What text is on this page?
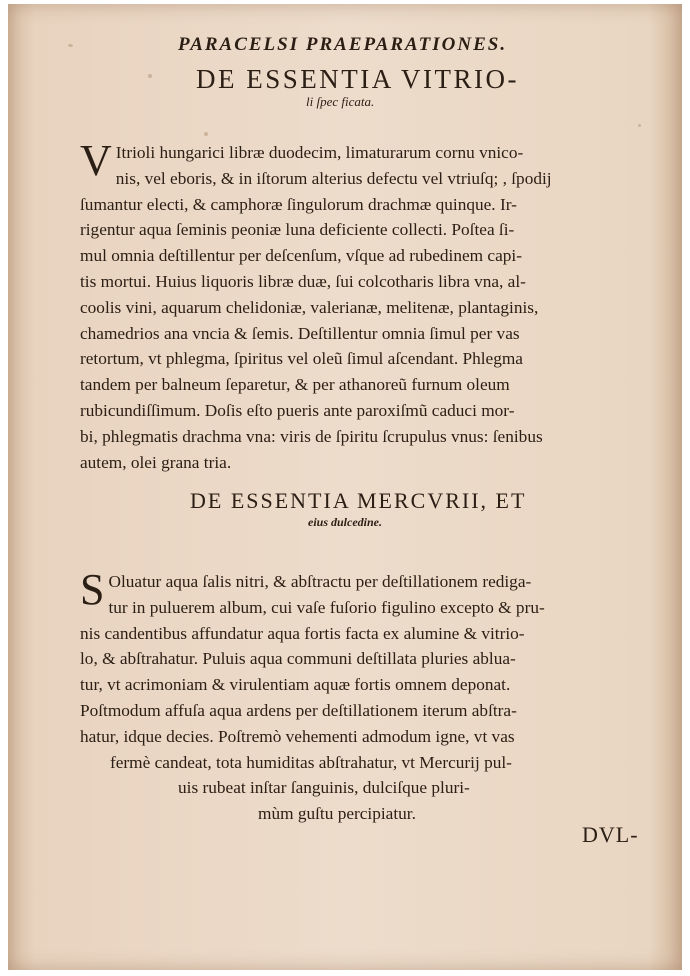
PARACELSI PRAEPARATIONES.
DE ESSENTIA VITRIO-
li ſpec ficata.
V Itrioli hungarici libræ duodecim, limaturarum cornu vnico-
nis, vel eboris, & in iſtorum alterius defectu vel vtriuſq; , ſpodij
ſumantur electi, & camphoræ ſingulorum drachmæ quinque. Ir-
rigentur aqua ſeminis peoniæ luna deficiente collecti. Poſtea ſi-
mul omnia deſtillentur per deſcenſum, vſque ad rubedinem capi-
tis mortui. Huius liquoris libræ duæ, ſui colcotharis libra vna, al-
coolis vini, aquarum chelidoniæ, valerianæ, melitenæ, plantaginis,
chamedrios ana vncia & ſemis. Deſtillentur omnia ſimul per vas
retortum, vt phlegma, ſpiritus vel oleũ ſimul aſcendant. Phlegma
tandem per balneum ſeparetur, & per athanoreũ furnum oleum
rubicundiſſimum. Doſis eſto pueris ante paroxiſmũ caduci mor-
bi, phlegmatis drachma vna: viris de ſpiritu ſcrupulus vnus: ſenibus
autem, olei grana tria.
DE ESSENTIA MERCVRII, ET
eius dulcedine.
S Oluatur aqua ſalis nitri, & abſtractu per deſtillationem rediga-
tur in puluerem album, cui vaſe fuſorio figulino excepto & pru-
nis candentibus affundatur aqua fortis facta ex alumine & vitrio-
lo, & abſtrahatur. Puluis aqua communi deſtillata pluries ablua-
tur, vt acrimoniam & virulentiam aquæ fortis omnem deponat.
Poſtmodum affuſa aqua ardens per deſtillationem iterum abſtra-
hatur, idque decies. Poſtremò vehementi admodum igne, vt vas
fermè candeat, tota humiditas abſtrahatur, vt Mercurij pul-
uis rubeat inſtar ſanguinis, dulciſque pluri-
mùm guſtu percipiatur.
DVL-
